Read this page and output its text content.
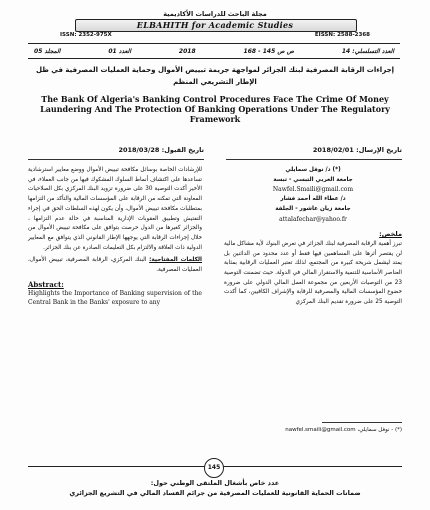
مجلة الباحث للدراسات الأكاديمية
ELBAHITH for Academic Studies
ISSN: 2352-975X	EISSN: 2588-2368
المجلد 05	العدد 01	2018	ص ص 145 - 168	العدد التسلسلي: 14
إجراءات الرقابة المصرفية لبنك الجزائر لمواجهة جريمة تبييض الأموال وحماية العمليات المصرفية في ظل الإطار التشريعي المنظم
The Bank Of Algeria's Banking Control Procedures Face The Crime Of Money Laundering And The Protection Of Banking Operations Under The Regulatory Framework
تاريخ الإرسال: 2018/02/01
تاريخ القبول: 2018/03/28
(*) د/ نوفل سمايلي
جامعة العربي التبسي - تبسة
Nawfel.Smaili@gmail.com
د/ عطاء الله أحمد فشار
جامعة زيان عاشور - الجلفة
attalafechar@yahoo.fr
ملخص:
تبرز أهمية الرقابة المصرفية لبنك الجزائر في تعرض البنوك لأية مشاكل مالية لن يقتصر أثرها على المساهمين فيها فقط أو عدد محدود من الدائنين بل يمتد ليشمل شريحة كبيرة من المجتمع، لذلك تعتبر العمليات الرقابية بمثابة العناصر الأساسية للتنمية والاستقرار المالي في الدولة. حيث تضمنت التوصية 23 من التوصيات الأربعين من مجموعة العمل المالي الدولي على ضرورة خضوع المؤسسات المالية والمصرفية للرقابة والإشراف الكافيين، كما أكدت التوصية 25 على ضرورة تقديم البنك المركزي
(*) - نوفل سمايلي، nawfel.smaili@gmail.com
للإرشادات الخاصة بوسائل مكافحة تبييض الأموال ووضع معايير استرشادية تساعدها على اكتشاف أنماط السلوك المشكوك فيها من جانب العملاء، في الأخير أكدت التوصية 30 على ضرورة تزويد البنك المركزي بكل الصلاحيات المعاونة التي تمكنه من الرقابة على المؤسسات المالية والتأكد من التزامها بمتطلبات مكافحة تبييض الأموال، وأن يكون لهذه السلطات الحق في إجراء التفتيش وتطبيق العقوبات الإدارية المناسبة في حالة عدم التزامها ، والجزائر كغيرها من الدول حرصت بتوافق على مكافحة تبييض الأموال من خلال إجراءات الرقابة التي يوجهها الإطار القانوني الذي يتوافق مع المعايير الدولية ذات العلاقة والالتزام بكل التعليمات الصادرة عن بنك الجزائر.
الكلمات المفتاحية: البنك المركزي، الرقابة المصرفية، تبييض الأموال، العمليات المصرفية.
Abstract:
Highlights the Importance of Banking supervision of the Central Bank in the Banks' exposure to any
145
عدد خاص بأشغال الملتقى الوطني حول:
ضمانات الحماية القانونية للعمليات المصرفية من جرائم الفساد المالي في التشريع الجزائري
